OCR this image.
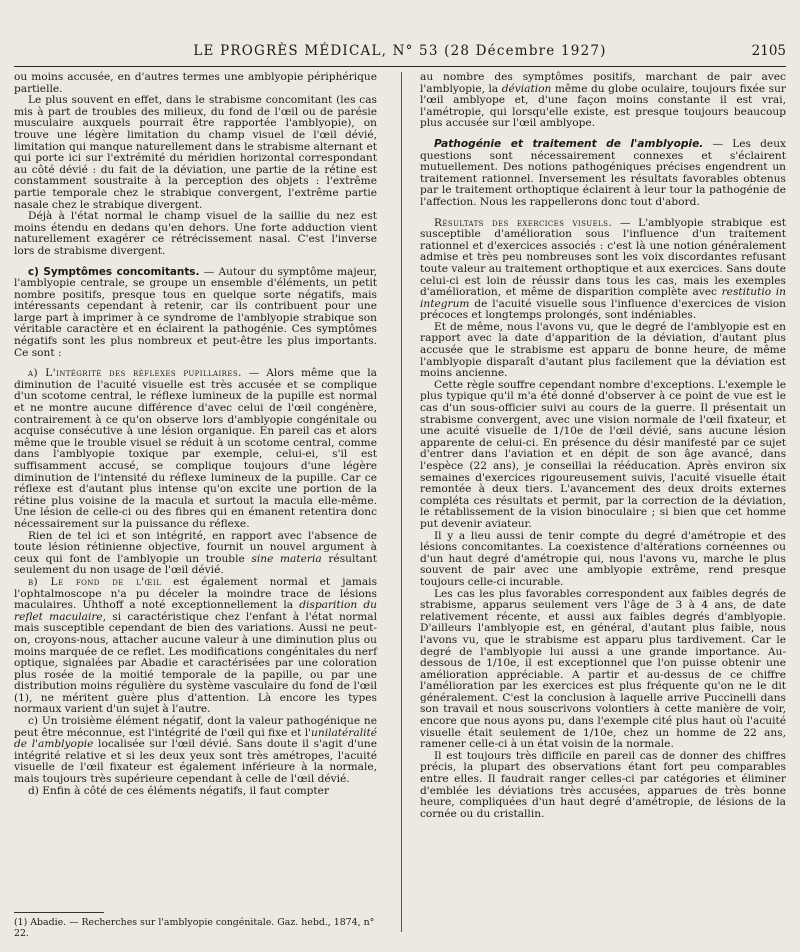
LE PROGRÈS MÉDICAL, N° 53 (28 Décembre 1927)	2105

ou moins accusée, en d'autres termes une amblyopie périphérique partielle.

Le plus souvent en effet, dans le strabisme concomitant (les cas mis à part de troubles des milieux, du fond de l'œil ou de parésie musculaire auxquels pourrait être rapportée l'amblyopie), on trouve une légère limitation du champ visuel de l'œil dévié, limitation qui manque naturellement dans le strabisme alternant et qui porte ici sur l'extrémité du méridien horizontal correspondant au côté dévié : du fait de la déviation, une partie de la rétine est constamment soustraite à la perception des objets : l'extrême partie temporale chez le strabique convergent, l'extrême partie nasale chez le strabique divergent.

Déjà à l'état normal le champ visuel de la saillie du nez est moins étendu en dedans qu'en dehors. Une forte adduction vient naturellement exagérer ce rétrécissement nasal. C'est l'inverse lors de strabisme divergent.

c) Symptômes concomitants. — Autour du symptôme majeur, l'amblyopie centrale, se groupe un ensemble d'éléments, un petit nombre positifs, presque tous en quelque sorte négatifs, mais intéressants cependant à retenir, car ils contribuent pour une large part à imprimer à ce syndrome de l'amblyopie strabique son véritable caractère et en éclairent la pathogénie. Ces symptômes négatifs sont les plus nombreux et peut-être les plus importants. Ce sont :

a) L'intégrité des réflexes pupillaires. — Alors même que la diminution de l'acuité visuelle est très accusée et se complique d'un scotome central, le réflexe lumineux de la pupille est normal et ne montre aucune différence d'avec celui de l'œil congénère, contrairement à ce qu'on observe lors d'amblyopie congénitale ou acquise consécutive à une lésion organique. En pareil cas et alors même que le trouble visuel se réduit à un scotome central, comme dans l'amblyopie toxique par exemple, celui-ei, s'il est suffisamment accusé, se complique toujours d'une légère diminution de l'intensité du réflexe lumineux de la pupille. Car ce réflexe est d'autant plus intense qu'on excite une portion de la rétine plus voisine de la macula et surtout la macula elle-même. Une lésion de celle-ci ou des fibres qui en émanent retentira donc nécessairement sur la puissance du réflexe.

Rien de tel ici et son intégrité, en rapport avec l'absence de toute lésion rétinienne objective, fournit un nouvel argument à ceux qui font de l'amblyopie un trouble sine materia résultant seulement du non usage de l'œil dévié.

b) Le fond de l'œil est également normal et jamais l'ophtalmoscope n'a pu déceler la moindre trace de lésions maculaires. Uhthoff a noté exceptionnellement la disparition du reflet maculaire, si caractéristique chez l'enfant à l'état normal mais susceptible cependant de bien des variations. Aussi ne peut-on, croyons-nous, attacher aucune valeur à une diminution plus ou moins marquée de ce reflet. Les modifications congénitales du nerf optique, signalées par Abadie et caractérisées par une coloration plus rosée de la moitié temporale de la papille, ou par une distribution moins régulière du système vasculaire du fond de l'œil (1), ne méritent guère plus d'attention. Là encore les types normaux varient d'un sujet à l'autre.

c) Un troisième élément négatif, dont la valeur pathogénique ne peut être méconnue, est l'intégrité de l'œil qui fixe et l'unilatéralité de l'amblyopie localisée sur l'œil dévié. Sans doute il s'agit d'une intégrité relative et si les deux yeux sont très amétropes, l'acuité visuelle de l'œil fixateur est également inférieure à la normale, mais toujours très supérieure cependant à celle de l'œil dévié.

d) Enfin à côté de ces éléments négatifs, il faut compter

au nombre des symptômes positifs, marchant de pair avec l'amblyopie, la déviation même du globe oculaire, toujours fixée sur l'œil amblyope et, d'une façon moins constante il est vrai, l'amétropie, qui lorsqu'elle existe, est presque toujours beaucoup plus accusée sur l'œil amblyope.

Pathogénie et traitement de l'amblyopie. — Les deux questions sont nécessairement connexes et s'éclairent mutuellement. Des notions pathogéniques précises engendrent un traitement rationnel. Inversement les résultats favorables obtenus par le traitement orthoptique éclairent à leur tour la pathogénie de l'affection. Nous les rappellerons donc tout d'abord.

Résultats des exercices visuels. — L'amblyopie strabique est susceptible d'amélioration sous l'influence d'un traitement rationnel et d'exercices associés : c'est là une notion généralement admise et très peu nombreuses sont les voix discordantes refusant toute valeur au traitement orthoptique et aux exercices. Sans doute celui-ci est loin de réussir dans tous les cas, mais les exemples d'amélioration, et même de disparition complète avec restitutio in integrum de l'acuité visuelle sous l'influence d'exercices de vision précoces et longtemps prolongés, sont indéniables.

Et de même, nous l'avons vu, que le degré de l'amblyopie est en rapport avec la date d'apparition de la déviation, d'autant plus accusée que le strabisme est apparu de bonne heure, de même l'amblyopie disparaît d'autant plus facilement que la déviation est moins ancienne.

Cette règle souffre cependant nombre d'exceptions. L'exemple le plus typique qu'il m'a été donné d'observer à ce point de vue est le cas d'un sous-officier suivi au cours de la guerre. Il présentait un strabisme convergent, avec une vision normale de l'œil fixateur, et une acuité visuelle de 1/10e de l'œil dévié, sans aucune lésion apparente de celui-ci. En présence du désir manifesté par ce sujet d'entrer dans l'aviation et en dépit de son âge avancé, dans l'espèce (22 ans), je conseillai la rééducation. Après environ six semaines d'exercices rigoureusement suivis, l'acuité visuelle était remontée à deux tiers. L'avancement des deux droits externes compléta ces résultats et permit, par la correction de la déviation, le rétablissement de la vision binoculaire ; si bien que cet homme put devenir aviateur.

Il y a lieu aussi de tenir compte du degré d'amétropie et des lésions concomitantes. La coexistence d'altérations cornéennes ou d'un haut degré d'amétropie qui, nous l'avons vu, marche le plus souvent de pair avec une amblyopie extrême, rend presque toujours celle-ci incurable.

Les cas les plus favorables correspondent aux faibles degrés de strabisme, apparus seulement vers l'âge de 3 à 4 ans, de date relativement récente, et aussi aux faibles degrés d'amblyopie. D'ailleurs l'amblyopie est, en général, d'autant plus faible, nous l'avons vu, que le strabisme est apparu plus tardivement. Car le degré de l'amblyopie lui aussi a une grande importance. Au-dessous de 1/10e, il est exceptionnel que l'on puisse obtenir une amélioration appréciable. A partir et au-dessus de ce chiffre l'amélioration par les exercices est plus fréquente qu'on ne le dit généralement. C'est la conclusion à laquelle arrive Puccinelli dans son travail et nous souscrivons volontiers à cette manière de voir, encore que nous ayons pu, dans l'exemple cité plus haut où l'acuité visuelle était seulement de 1/10e, chez un homme de 22 ans, ramener celle-ci à un état voisin de la normale.

Il est toujours très difficile en pareil cas de donner des chiffres précis, la plupart des observations étant fort peu comparables entre elles. Il faudrait ranger celles-ci par catégories et éliminer d'emblée les déviations très accusées, apparues de très bonne heure, compliquées d'un haut degré d'amétropie, de lésions de la cornée ou du cristallin.

(1) Abadie. — Recherches sur l'amblyopie congénitale. Gaz. hebd., 1874, n° 22.
